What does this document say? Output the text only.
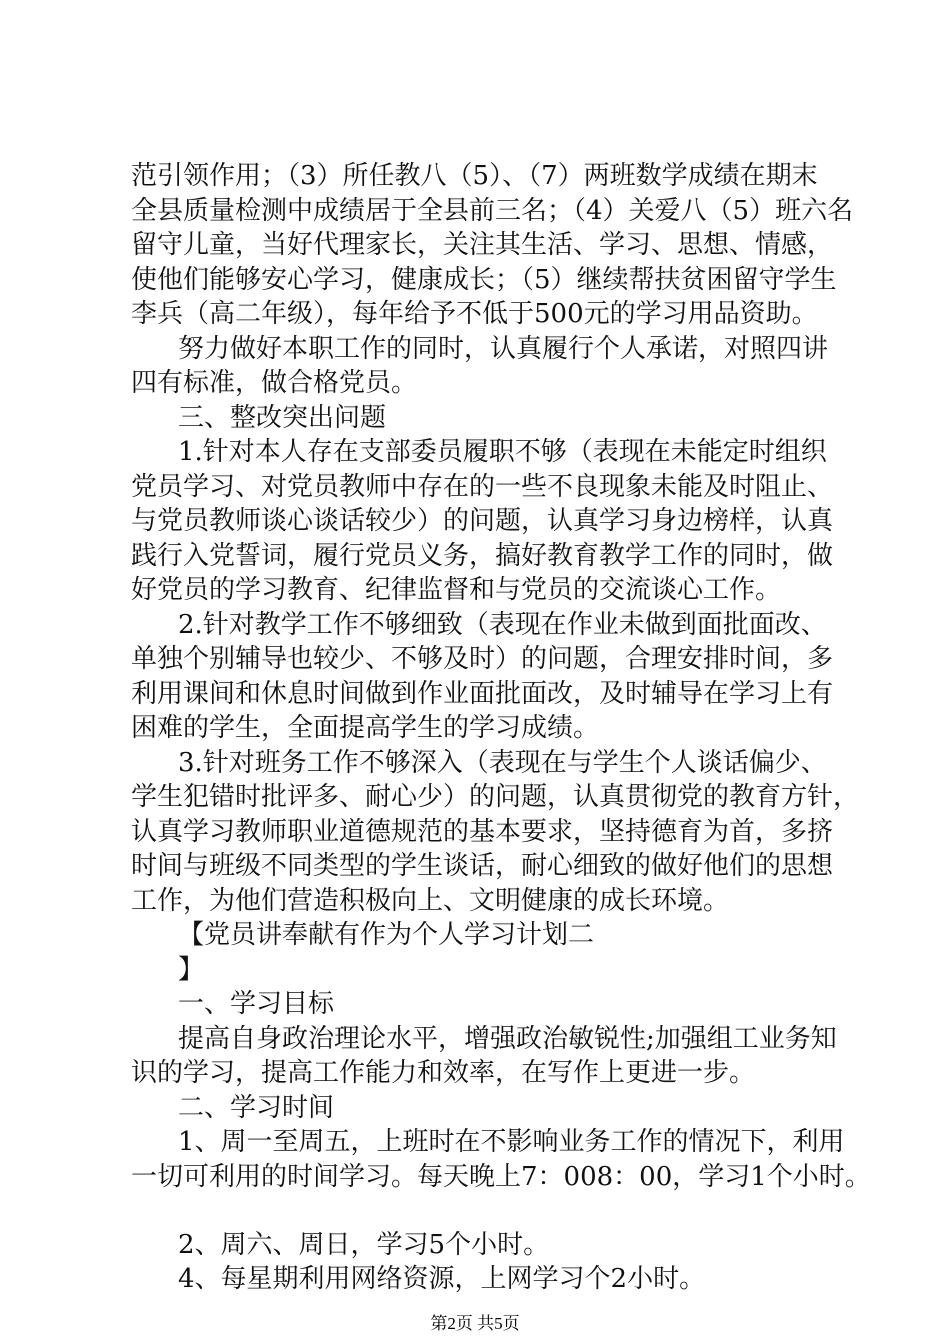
范引领作用；（3）所任教八（5）、（7）两班数学成绩在期末
全县质量检测中成绩居于全县前三名；（4）关爱八（5）班六名
留守儿童，当好代理家长，关注其生活、学习、思想、情感，
使他们能够安心学习，健康成长；（5）继续帮扶贫困留守学生
李兵（高二年级），每年给予不低于500元的学习用品资助。
努力做好本职工作的同时，认真履行个人承诺，对照四讲
四有标准，做合格党员。
三、整改突出问题
1.针对本人存在支部委员履职不够（表现在未能定时组织
党员学习、对党员教师中存在的一些不良现象未能及时阻止、
与党员教师谈心谈话较少）的问题，认真学习身边榜样，认真
践行入党誓词，履行党员义务，搞好教育教学工作的同时，做
好党员的学习教育、纪律监督和与党员的交流谈心工作。
2.针对教学工作不够细致（表现在作业未做到面批面改、
单独个别辅导也较少、不够及时）的问题，合理安排时间，多
利用课间和休息时间做到作业面批面改，及时辅导在学习上有
困难的学生，全面提高学生的学习成绩。
3.针对班务工作不够深入（表现在与学生个人谈话偏少、
学生犯错时批评多、耐心少）的问题，认真贯彻党的教育方针，
认真学习教师职业道德规范的基本要求，坚持德育为首，多挤
时间与班级不同类型的学生谈话，耐心细致的做好他们的思想
工作，为他们营造积极向上、文明健康的成长环境。
【党员讲奉献有作为个人学习计划二
】
一、学习目标
提高自身政治理论水平，增强政治敏锐性;加强组工业务知
识的学习，提高工作能力和效率，在写作上更进一步。
二、学习时间
1、周一至周五，上班时在不影响业务工作的情况下，利用
一切可利用的时间学习。每天晚上7：008：00，学习1个小时。
2、周六、周日，学习5个小时。
4、每星期利用网络资源，上网学习个2小时。
第2页 共5页
